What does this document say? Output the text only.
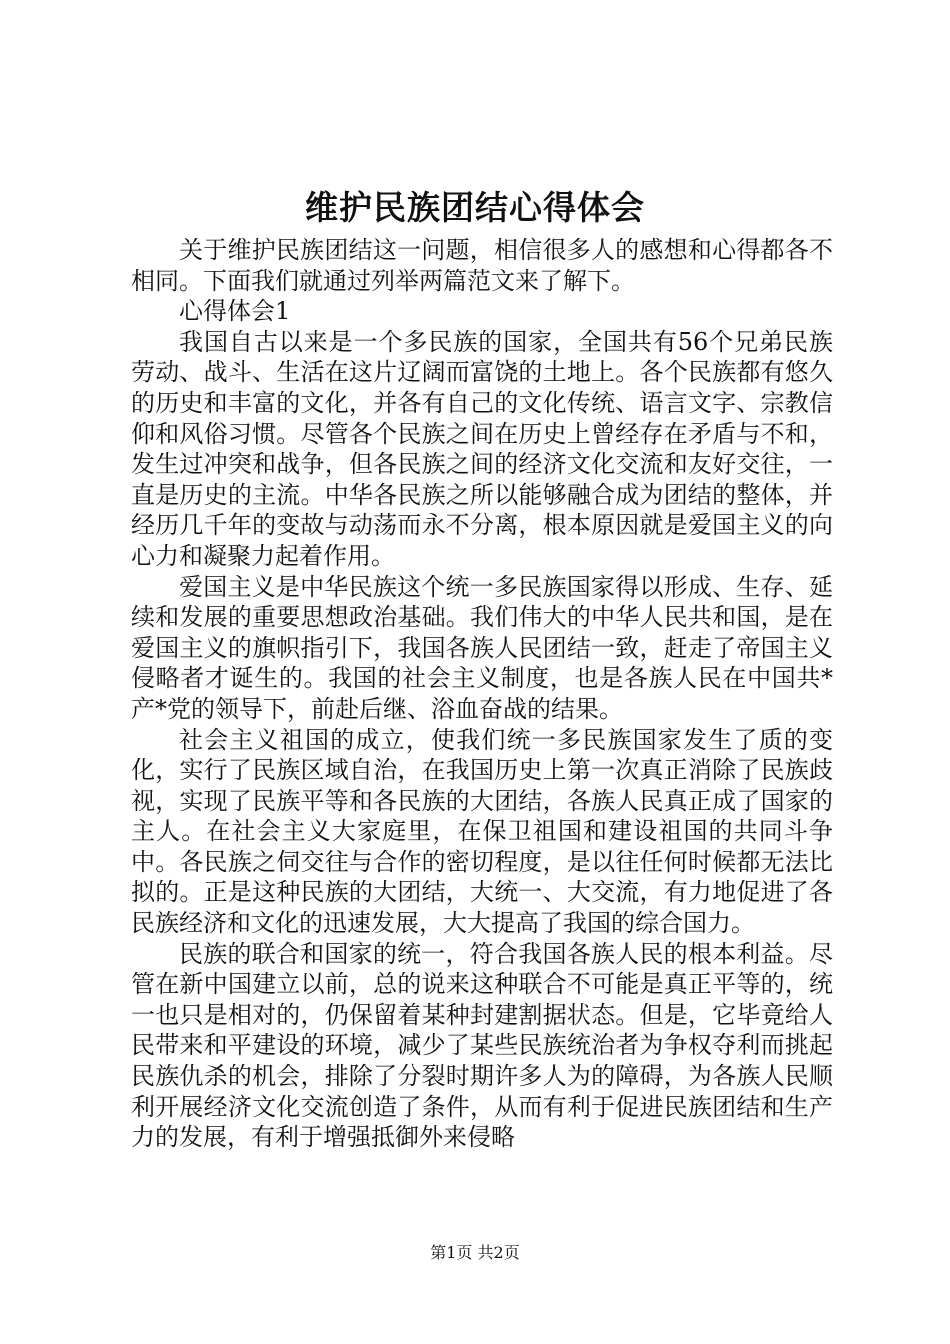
维护民族团结心得体会

关于维护民族团结这一问题，相信很多人的感想和心得都各不相同。下面我们就通过列举两篇范文来了解下。

心得体会1

我国自古以来是一个多民族的国家，全国共有56个兄弟民族劳动、战斗、生活在这片辽阔而富饶的土地上。各个民族都有悠久的历史和丰富的文化，并各有自己的文化传统、语言文字、宗教信仰和风俗习惯。尽管各个民族之间在历史上曾经存在矛盾与不和，发生过冲突和战争，但各民族之间的经济文化交流和友好交往，一直是历史的主流。中华各民族之所以能够融合成为团结的整体，并经历几千年的变故与动荡而永不分离，根本原因就是爱国主义的向心力和凝聚力起着作用。

爱国主义是中华民族这个统一多民族国家得以形成、生存、延续和发展的重要思想政治基础。我们伟大的中华人民共和国，是在爱国主义的旗帜指引下，我国各族人民团结一致，赶走了帝国主义侵略者才诞生的。我国的社会主义制度，也是各族人民在中国共*产*党的领导下，前赴后继、浴血奋战的结果。

社会主义祖国的成立，使我们统一多民族国家发生了质的变化，实行了民族区域自治，在我国历史上第一次真正消除了民族歧视，实现了民族平等和各民族的大团结，各族人民真正成了国家的主人。在社会主义大家庭里，在保卫祖国和建设祖国的共同斗争中。各民族之伺交往与合作的密切程度，是以往任何时候都无法比拟的。正是这种民族的大团结，大统一、大交流，有力地促进了各民族经济和文化的迅速发展，大大提高了我国的综合国力。

民族的联合和国家的统一，符合我国各族人民的根本利益。尽管在新中国建立以前，总的说来这种联合不可能是真正平等的，统一也只是相对的，仍保留着某种封建割据状态。但是，它毕竟给人民带来和平建设的环境，减少了某些民族统治者为争权夺利而挑起民族仇杀的机会，排除了分裂时期许多人为的障碍，为各族人民顺利开展经济文化交流创造了条件，从而有利于促进民族团结和生产力的发展，有利于增强抵御外来侵略

第1页 共2页
